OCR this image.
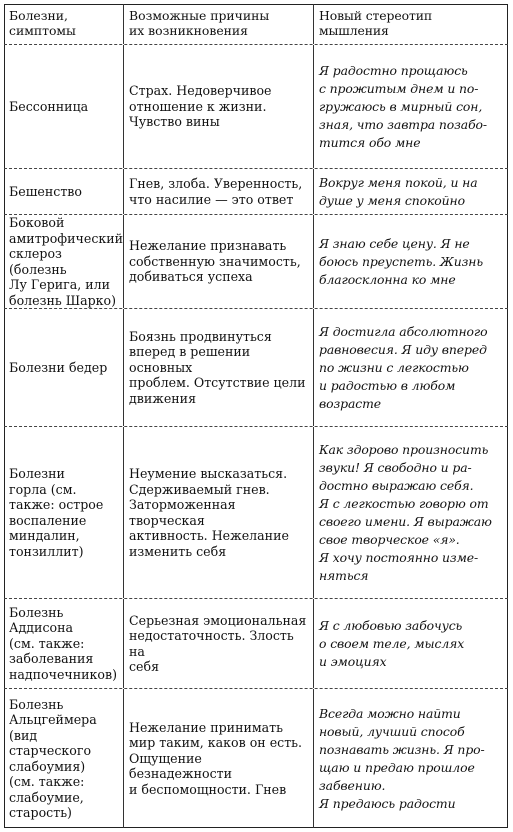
Болезни,
симптомы
Возможные причины
их возникновения
Новый стереотип
мышления
Бессонница
Страх. Недоверчивое
отношение к жизни.
Чувство вины
Я радостно прощаюсь
с прожитым днем и по-
гружаюсь в мирный сон,
зная, что завтра позабо-
тится обо мне
Бешенство
Гнев, злоба. Уверенность,
что насилие — это ответ
Вокруг меня покой, и на
душе у меня спокойно
Боковой
амитрофический
склероз (болезнь
Лу Герига, или
болезнь Шарко)
Нежелание признавать
собственную значимость,
добиваться успеха
Я знаю себе цену. Я не
боюсь преуспеть. Жизнь
благосклонна ко мне
Болезни бедер
Боязнь продвинуться
вперед в решении основных
проблем. Отсутствие цели
движения
Я достигла абсолютного
равновесия. Я иду вперед
по жизни с легкостью
и радостью в любом
возрасте
Болезни
горла (см.
также: острое
воспаление
миндалин,
тонзиллит)
Неумение высказаться.
Сдерживаемый гнев.
Заторможенная творческая
активность. Нежелание
изменить себя
Как здорово произносить
звуки! Я свободно и ра-
достно выражаю себя.
Я с легкостью говорю от
своего имени. Я выражаю
свое творческое «я».
Я хочу постоянно изме-
няться
Болезнь
Аддисона
(см. также:
заболевания
надпочечников)
Серьезная эмоциональная
недостаточность. Злость на
себя
Я с любовью забочусь
о своем теле, мыслях
и эмоциях
Болезнь
Альцгеймера
(вид старческого
слабоумия)
(см. также:
слабоумие,
старость)
Нежелание принимать
мир таким, каков он есть.
Ощущение безнадежности
и беспомощности. Гнев
Всегда можно найти
новый, лучший способ
познавать жизнь. Я про-
щаю и предаю прошлое
забвению.
Я предаюсь радости
